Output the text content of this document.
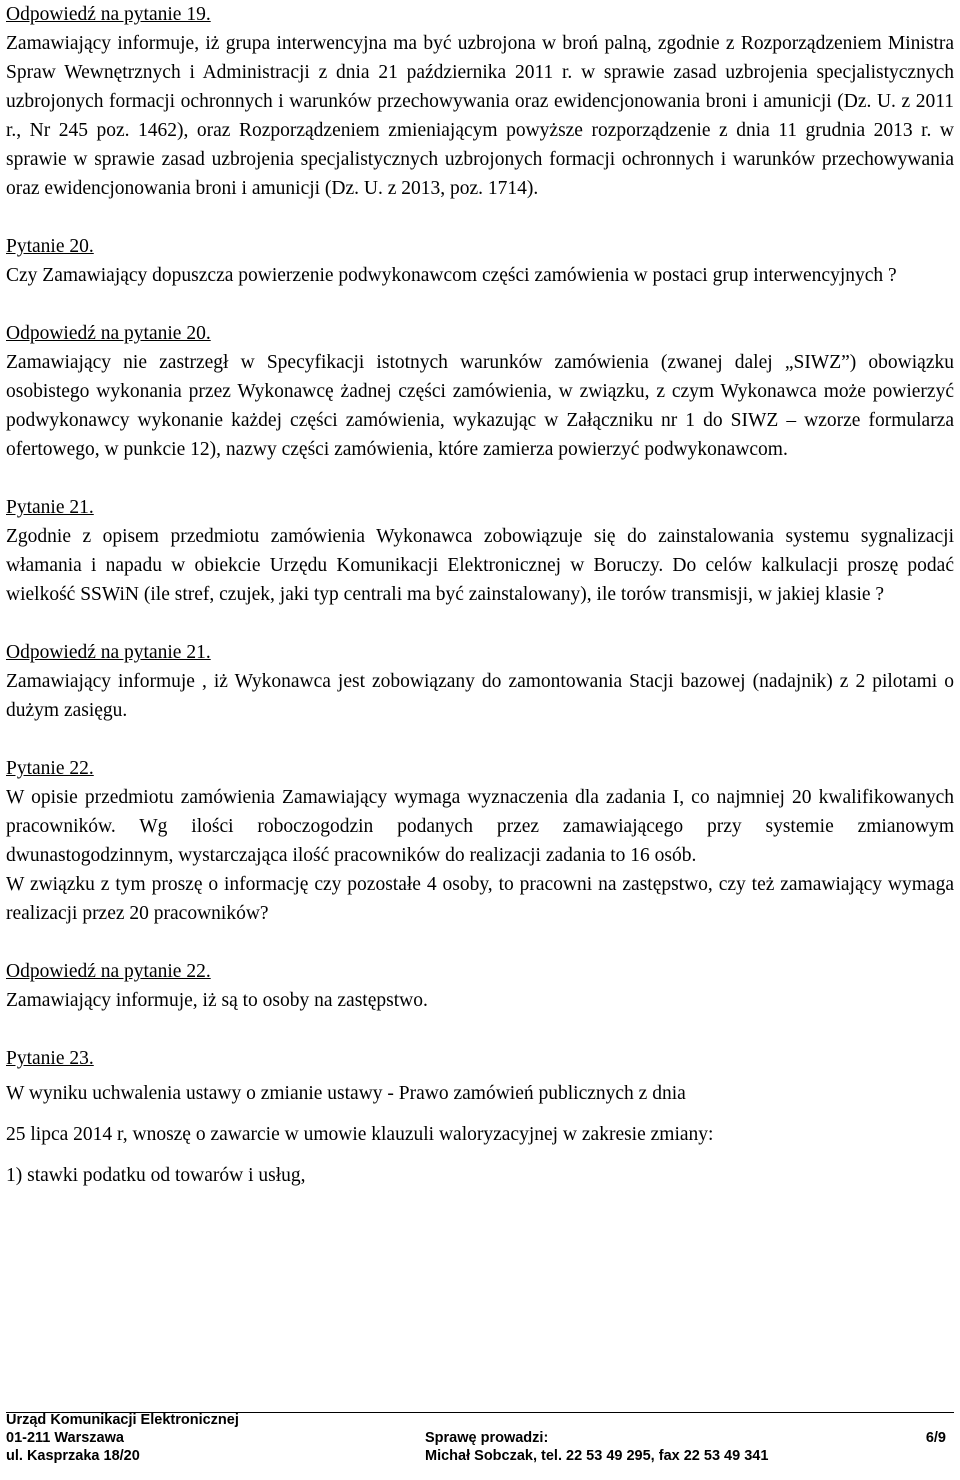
Odpowiedź na pytanie 19.
Zamawiający informuje, iż grupa interwencyjna ma być uzbrojona w broń palną, zgodnie z Rozporządzeniem Ministra Spraw Wewnętrznych i Administracji z dnia 21 października 2011 r. w sprawie zasad uzbrojenia specjalistycznych uzbrojonych formacji ochronnych i warunków przechowywania oraz ewidencjonowania broni i amunicji (Dz. U. z 2011 r., Nr 245 poz. 1462), oraz Rozporządzeniem zmieniającym powyższe rozporządzenie z dnia 11 grudnia 2013 r. w sprawie w sprawie zasad uzbrojenia specjalistycznych uzbrojonych formacji ochronnych i warunków przechowywania oraz ewidencjonowania broni i amunicji (Dz. U. z 2013, poz. 1714).
Pytanie 20.
Czy Zamawiający dopuszcza powierzenie podwykonawcom części zamówienia w postaci grup interwencyjnych ?
Odpowiedź na pytanie 20.
Zamawiający nie zastrzegł w Specyfikacji istotnych warunków zamówienia (zwanej dalej „SIWZ”) obowiązku osobistego wykonania przez Wykonawcę żadnej części zamówienia, w związku, z czym Wykonawca może powierzyć podwykonawcy wykonanie każdej części zamówienia, wykazując w Załączniku nr 1 do SIWZ – wzorze formularza ofertowego, w punkcie 12), nazwy części zamówienia, które zamierza powierzyć podwykonawcom.
Pytanie 21.
Zgodnie z opisem przedmiotu zamówienia Wykonawca zobowiązuje się do zainstalowania systemu sygnalizacji włamania i napadu w obiekcie Urzędu Komunikacji Elektronicznej w Boruczy. Do celów kalkulacji proszę podać wielkość SSWiN (ile stref, czujek, jaki typ centrali ma być zainstalowany), ile torów transmisji, w jakiej klasie ?
Odpowiedź na pytanie 21.
Zamawiający informuje , iż Wykonawca jest zobowiązany do zamontowania Stacji bazowej (nadajnik) z 2 pilotami o dużym zasięgu.
Pytanie 22.
W opisie przedmiotu zamówienia Zamawiający wymaga wyznaczenia dla zadania I, co najmniej 20 kwalifikowanych pracowników. Wg ilości roboczogodzin podanych przez zamawiającego przy systemie zmianowym dwunastogodzinnym, wystarczająca ilość pracowników do realizacji zadania to 16 osób.
W związku z tym proszę o informację czy pozostałe 4 osoby, to pracowni na zastępstwo, czy też zamawiający wymaga realizacji przez 20 pracowników?
Odpowiedź na pytanie 22.
Zamawiający informuje, iż są to osoby na zastępstwo.
Pytanie 23.
W wyniku uchwalenia ustawy o zmianie ustawy - Prawo zamówień publicznych z dnia
25 lipca 2014 r, wnoszę o zawarcie w umowie klauzuli waloryzacyjnej w zakresie zmiany:
1) stawki podatku od towarów i usług,
Urząd Komunikacji Elektronicznej
01-211 Warszawa	Sprawę prowadzi:	6/9
ul. Kasprzaka 18/20	Michał Sobczak, tel. 22 53 49 295, fax 22 53 49 341
